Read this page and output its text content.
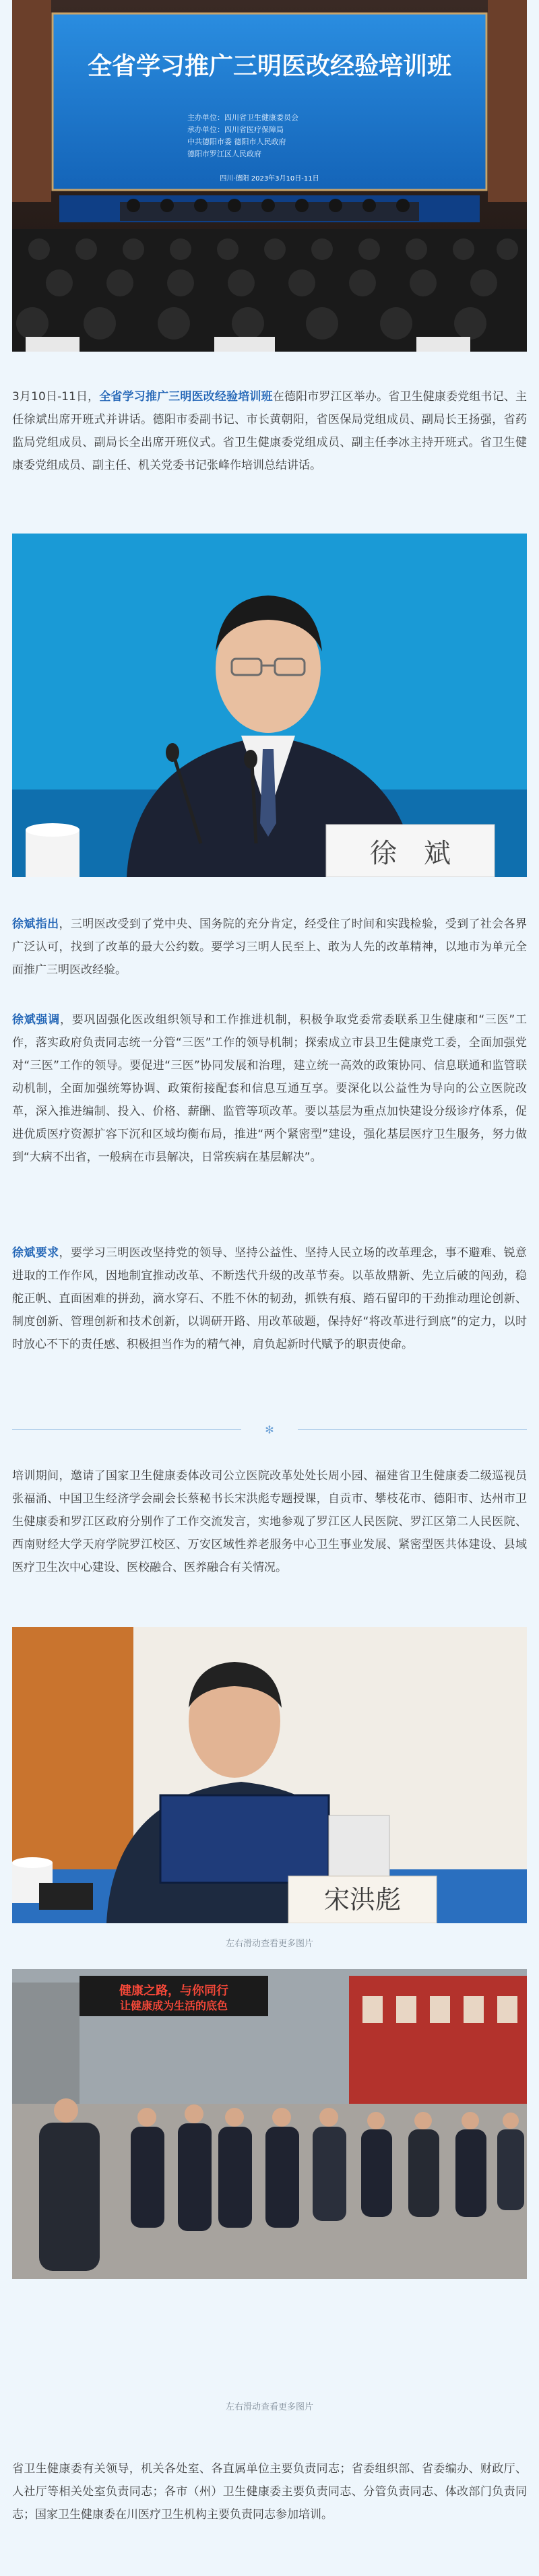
全省学习推广三明医改经验培训班
主办单位：四川省卫生健康委员会
承办单位：四川省医疗保障局
中共德阳市委 德阳市人民政府
德阳市罗江区人民政府
四川·德阳 2023年3月10日-11日

3月10日-11日，全省学习推广三明医改经验培训班在德阳市罗江区举办。省卫生健康委党组书记、主任徐斌出席开班式并讲话。德阳市委副书记、市长黄朝阳，省医保局党组成员、副局长王扬强，省药监局党组成员、副局长全出席开班仪式。省卫生健康委党组成员、副主任李冰主持开班式。省卫生健康委党组成员、副主任、机关党委书记张峰作培训总结讲话。

徐　斌

徐斌指出，三明医改受到了党中央、国务院的充分肯定，经受住了时间和实践检验，受到了社会各界广泛认可，找到了改革的最大公约数。要学习三明人民至上、敢为人先的改革精神，以地市为单元全面推广三明医改经验。

徐斌强调，要巩固强化医改组织领导和工作推进机制，积极争取党委常委联系卫生健康和“三医”工作，落实政府负责同志统一分管“三医”工作的领导机制；探索成立市县卫生健康党工委，全面加强党对“三医”工作的领导。要促进“三医”协同发展和治理，建立统一高效的政策协同、信息联通和监管联动机制，全面加强统筹协调、政策衔接配套和信息互通互享。要深化以公益性为导向的公立医院改革，深入推进编制、投入、价格、薪酬、监管等项改革。要以基层为重点加快建设分级诊疗体系，促进优质医疗资源扩容下沉和区域均衡布局，推进“两个紧密型”建设，强化基层医疗卫生服务，努力做到“大病不出省，一般病在市县解决，日常疾病在基层解决”。

徐斌要求，要学习三明医改坚持党的领导、坚持公益性、坚持人民立场的改革理念，事不避难、锐意进取的工作作风，因地制宜推动改革、不断迭代升级的改革节奏。以革故鼎新、先立后破的闯劲，稳舵正帆、直面困难的拼劲，滴水穿石、不胜不休的韧劲，抓铁有痕、踏石留印的干劲推动理论创新、制度创新、管理创新和技术创新，以调研开路、用改革破题，保持好“将改革进行到底”的定力，以时时放心不下的责任感、积极担当作为的精气神，肩负起新时代赋予的职责使命。

✻

培训期间，邀请了国家卫生健康委体改司公立医院改革处处长周小园、福建省卫生健康委二级巡视员张福涌、中国卫生经济学会副会长蔡秘书长宋洪彪专题授课，自贡市、攀枝花市、德阳市、达州市卫生健康委和罗江区政府分别作了工作交流发言，实地参观了罗江区人民医院、罗江区第二人民医院、西南财经大学天府学院罗江校区、万安区域性养老服务中心卫生事业发展、紧密型医共体建设、县域医疗卫生次中心建设、医校融合、医养融合有关情况。

宋洪彪
左右滑动查看更多图片
健康之路，与你同行
让健康成为生活的底色
左右滑动查看更多图片

省卫生健康委有关领导，机关各处室、各直属单位主要负责同志；省委组织部、省委编办、财政厅、人社厅等相关处室负责同志；各市（州）卫生健康委主要负责同志、分管负责同志、体改部门负责同志；国家卫生健康委在川医疗卫生机构主要负责同志参加培训。
